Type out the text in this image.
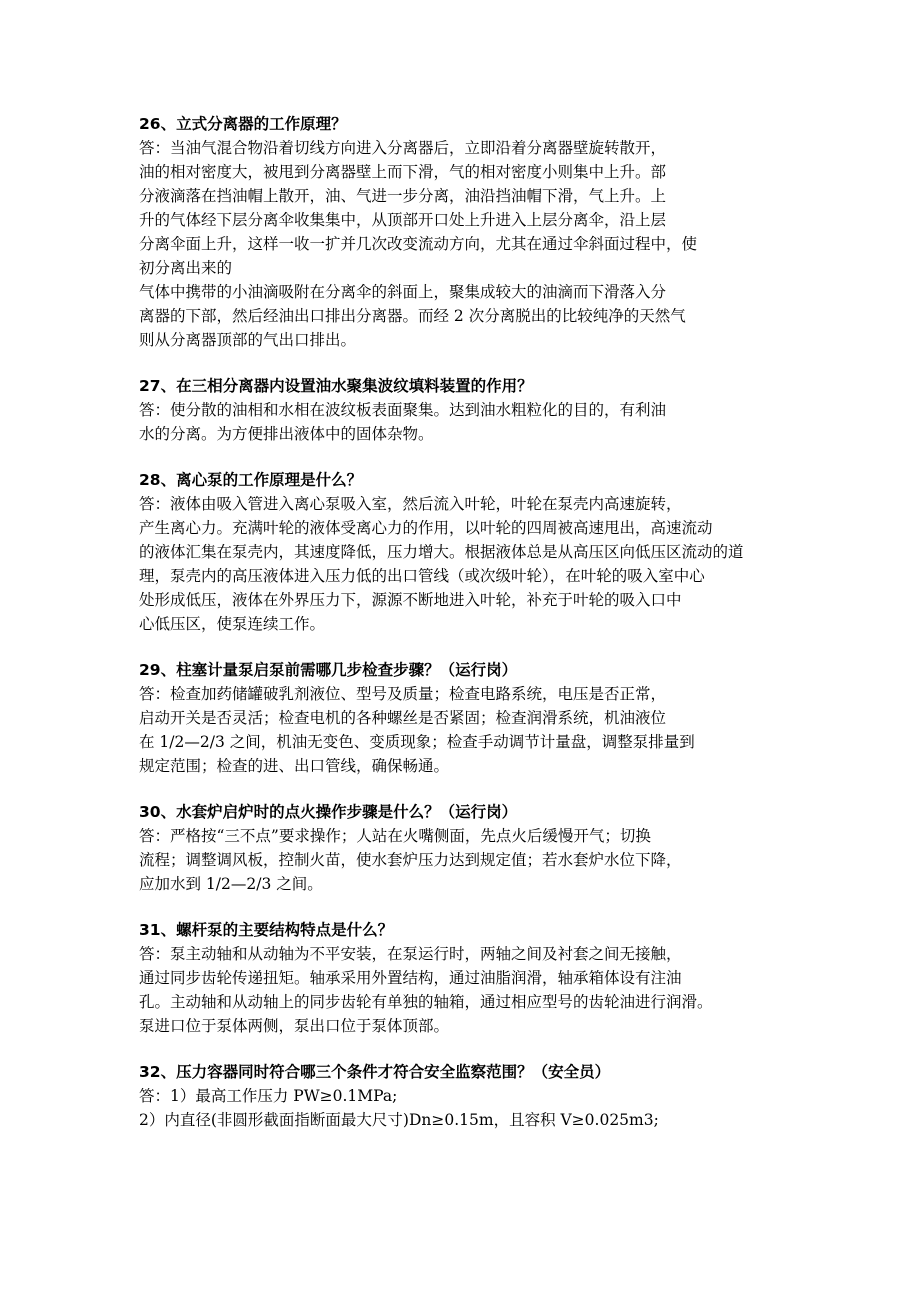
26、立式分离器的工作原理？

答：当油气混合物沿着切线方向进入分离器后，立即沿着分离器壁旋转散开，

油的相对密度大，被甩到分离器壁上而下滑，气的相对密度小则集中上升。部

分液滴落在挡油帽上散开，油、气进一步分离，油沿挡油帽下滑，气上升。上

升的气体经下层分离伞收集集中，从顶部开口处上升进入上层分离伞，沿上层

分离伞面上升，这样一收一扩并几次改变流动方向，尤其在通过伞斜面过程中，使

初分离出来的

气体中携带的小油滴吸附在分离伞的斜面上，聚集成较大的油滴而下滑落入分

离器的下部，然后经油出口排出分离器。而经 2 次分离脱出的比较纯净的天然气

则从分离器顶部的气出口排出。

27、在三相分离器内设置油水聚集波纹填料装置的作用？

答：使分散的油相和水相在波纹板表面聚集。达到油水粗粒化的目的，有利油

水的分离。为方便排出液体中的固体杂物。

28、离心泵的工作原理是什么？

答：液体由吸入管进入离心泵吸入室，然后流入叶轮，叶轮在泵壳内高速旋转，

产生离心力。充满叶轮的液体受离心力的作用，以叶轮的四周被高速甩出，高速流动

的液体汇集在泵壳内，其速度降低，压力增大。根据液体总是从高压区向低压区流动的道

理，泵壳内的高压液体进入压力低的出口管线（或次级叶轮），在叶轮的吸入室中心

处形成低压，液体在外界压力下，源源不断地进入叶轮，补充于叶轮的吸入口中

心低压区，使泵连续工作。

29、柱塞计量泵启泵前需哪几步检查步骤？（运行岗）

答：检查加药储罐破乳剂液位、型号及质量；检查电路系统，电压是否正常，

启动开关是否灵活；检查电机的各种螺丝是否紧固；检查润滑系统，机油液位

在 1/2—2/3 之间，机油无变色、变质现象；检查手动调节计量盘，调整泵排量到

规定范围；检查的进、出口管线，确保畅通。

30、水套炉启炉时的点火操作步骤是什么？（运行岗）

答：严格按“三不点”要求操作；人站在火嘴侧面，先点火后缓慢开气；切换

流程；调整调风板，控制火苗，使水套炉压力达到规定值；若水套炉水位下降，

应加水到 1/2—2/3 之间。

31、螺杆泵的主要结构特点是什么？

答：泵主动轴和从动轴为不平安装，在泵运行时，两轴之间及衬套之间无接触，

通过同步齿轮传递扭矩。轴承采用外置结构，通过油脂润滑，轴承箱体设有注油

孔。主动轴和从动轴上的同步齿轮有单独的轴箱，通过相应型号的齿轮油进行润滑。

泵进口位于泵体两侧，泵出口位于泵体顶部。

32、压力容器同时符合哪三个条件才符合安全监察范围？（安全员）

答：1）最高工作压力 PW≥0.1MPa;

2）内直径(非圆形截面指断面最大尺寸)Dn≥0.15m，且容积 V≥0.025m3;
